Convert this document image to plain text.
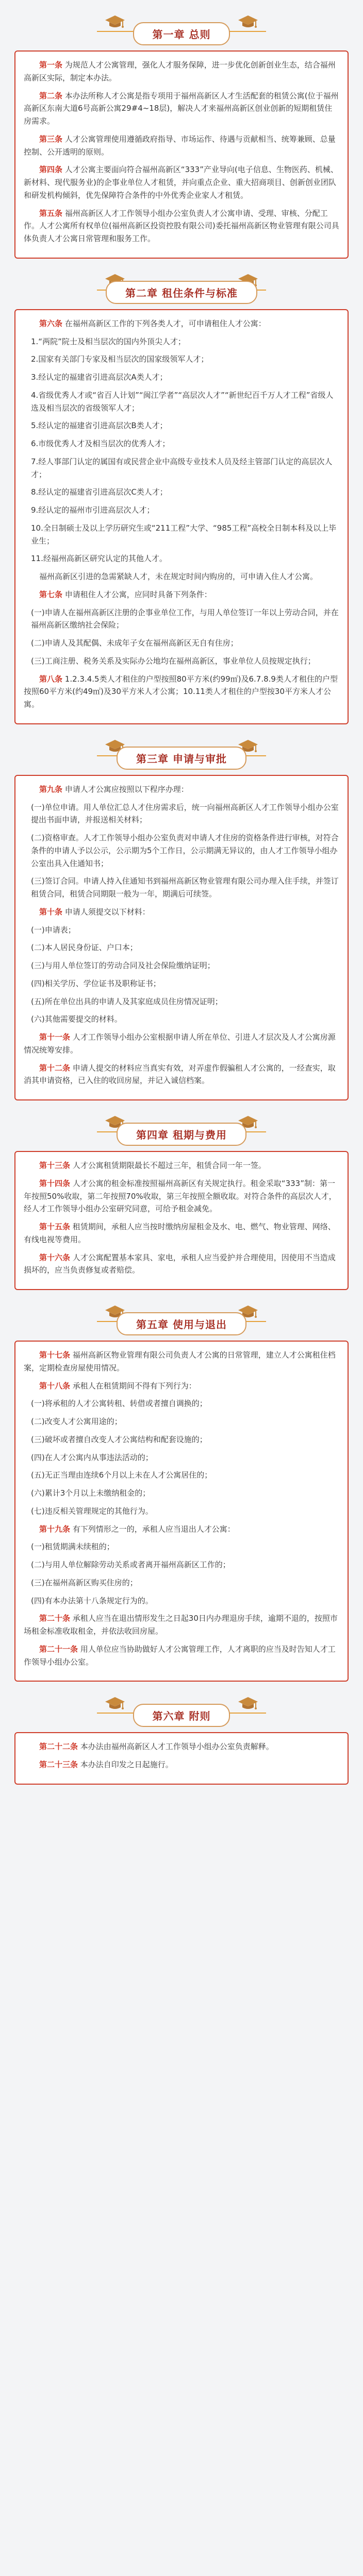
第一章 总则

第一条 为规范人才公寓管理，强化人才服务保障，进一步优化创新创业生态，结合福州高新区实际，制定本办法。

第二条 本办法所称人才公寓是指专项用于福州高新区人才生活配套的租赁公寓(位于福州高新区东南大道6号高新公寓29#4~18层)，解决人才来福州高新区创业创新的短期租赁住房需求。

第三条 人才公寓管理使用遵循政府指导、市场运作、待遇与贡献相当、统筹兼顾、总量控制、公开透明的原则。

第四条 人才公寓主要面向符合福州高新区“333”产业导向(电子信息、生物医药、机械、新材料、现代服务业)的企事业单位人才租赁，并向重点企业、重大招商项目、创新创业团队和研发机构倾斜，优先保障符合条件的中外优秀企业家人才租赁。

第五条 福州高新区人才工作领导小组办公室负责人才公寓申请、受理、审核、分配工作。人才公寓所有权单位(福州高新区投资控股有限公司)委托福州高新区物业管理有限公司具体负责人才公寓日常管理和服务工作。

第二章 租住条件与标准

第六条 在福州高新区工作的下列各类人才，可申请租住人才公寓：

1.“两院”院士及相当层次的国内外顶尖人才；

2.国家有关部门专家及相当层次的国家级领军人才；

3.经认定的福建省引进高层次A类人才；

4.省级优秀人才或“省百人计划”“闽江学者”“高层次人才”“新世纪百千万人才工程”省级人选及相当层次的省级领军人才；

5.经认定的福建省引进高层次B类人才；

6.市级优秀人才及相当层次的优秀人才；

7.经人事部门认定的属国有或民营企业中高级专业技术人员及经主管部门认定的高层次人才；

8.经认定的福建省引进高层次C类人才；

9.经认定的福州市引进高层次人才；

10.全日制硕士及以上学历研究生或“211工程”大学、“985工程”高校全日制本科及以上毕业生；

11.经福州高新区研究认定的其他人才。

福州高新区引进的急需紧缺人才，未在规定时间内购房的，可申请入住人才公寓。

第七条 申请租住人才公寓，应同时具备下列条件：

(一)申请人在福州高新区注册的企事业单位工作，与用人单位签订一年以上劳动合同，并在福州高新区缴纳社会保险；

(二)申请人及其配偶、未成年子女在福州高新区无自有住房；

(三)工商注册、税务关系及实际办公地均在福州高新区，事业单位人员按规定执行；

第八条 1.2.3.4.5类人才租住的户型按照80平方米(约99㎡)及6.7.8.9类人才租住的户型按照60平方米(约49㎡)及30平方米人才公寓；10.11类人才租住的户型按30平方米人才公寓。

第三章 申请与审批

第九条 申请人才公寓应按照以下程序办理：

(一)单位申请。用人单位汇总人才住房需求后，统一向福州高新区人才工作领导小组办公室提出书面申请，并报送相关材料；

(二)资格审查。人才工作领导小组办公室负责对申请人才住房的资格条件进行审核，对符合条件的申请人予以公示，公示期为5个工作日，公示期满无异议的，由人才工作领导小组办公室出具入住通知书；

(三)签订合同。申请人持入住通知书到福州高新区物业管理有限公司办理入住手续，并签订租赁合同，租赁合同期限一般为一年，期满后可续签。

第十条 申请人须提交以下材料：

(一)申请表；

(二)本人居民身份证、户口本；

(三)与用人单位签订的劳动合同及社会保险缴纳证明；

(四)相关学历、学位证书及职称证书；

(五)所在单位出具的申请人及其家庭成员住房情况证明；

(六)其他需要提交的材料。

第十一条 人才工作领导小组办公室根据申请人所在单位、引进人才层次及人才公寓房源情况统筹安排。

第十二条 申请人提交的材料应当真实有效，对弄虚作假骗租人才公寓的，一经查实，取消其申请资格，已入住的收回房屋，并记入诚信档案。

第四章 租期与费用

第十三条 人才公寓租赁期限最长不超过三年，租赁合同一年一签。

第十四条 人才公寓的租金标准按照福州高新区有关规定执行。租金采取“333”制：第一年按照50%收取，第二年按照70%收取，第三年按照全额收取。对符合条件的高层次人才，经人才工作领导小组办公室研究同意，可给予租金减免。

第十五条 租赁期间，承租人应当按时缴纳房屋租金及水、电、燃气、物业管理、网络、有线电视等费用。

第十六条 人才公寓配置基本家具、家电，承租人应当爱护并合理使用，因使用不当造成损坏的，应当负责修复或者赔偿。

第五章 使用与退出

第十七条 福州高新区物业管理有限公司负责人才公寓的日常管理，建立人才公寓租住档案，定期检查房屋使用情况。

第十八条 承租人在租赁期间不得有下列行为：

(一)将承租的人才公寓转租、转借或者擅自调换的；

(二)改变人才公寓用途的；

(三)破坏或者擅自改变人才公寓结构和配套设施的；

(四)在人才公寓内从事违法活动的；

(五)无正当理由连续6个月以上未在人才公寓居住的；

(六)累计3个月以上未缴纳租金的；

(七)违反相关管理规定的其他行为。

第十九条 有下列情形之一的，承租人应当退出人才公寓：

(一)租赁期满未续租的；

(二)与用人单位解除劳动关系或者离开福州高新区工作的；

(三)在福州高新区购买住房的；

(四)有本办法第十八条规定行为的。

第二十条 承租人应当在退出情形发生之日起30日内办理退房手续，逾期不退的，按照市场租金标准收取租金，并依法收回房屋。

第二十一条 用人单位应当协助做好人才公寓管理工作，人才离职的应当及时告知人才工作领导小组办公室。

第六章 附则

第二十二条 本办法由福州高新区人才工作领导小组办公室负责解释。

第二十三条 本办法自印发之日起施行。
